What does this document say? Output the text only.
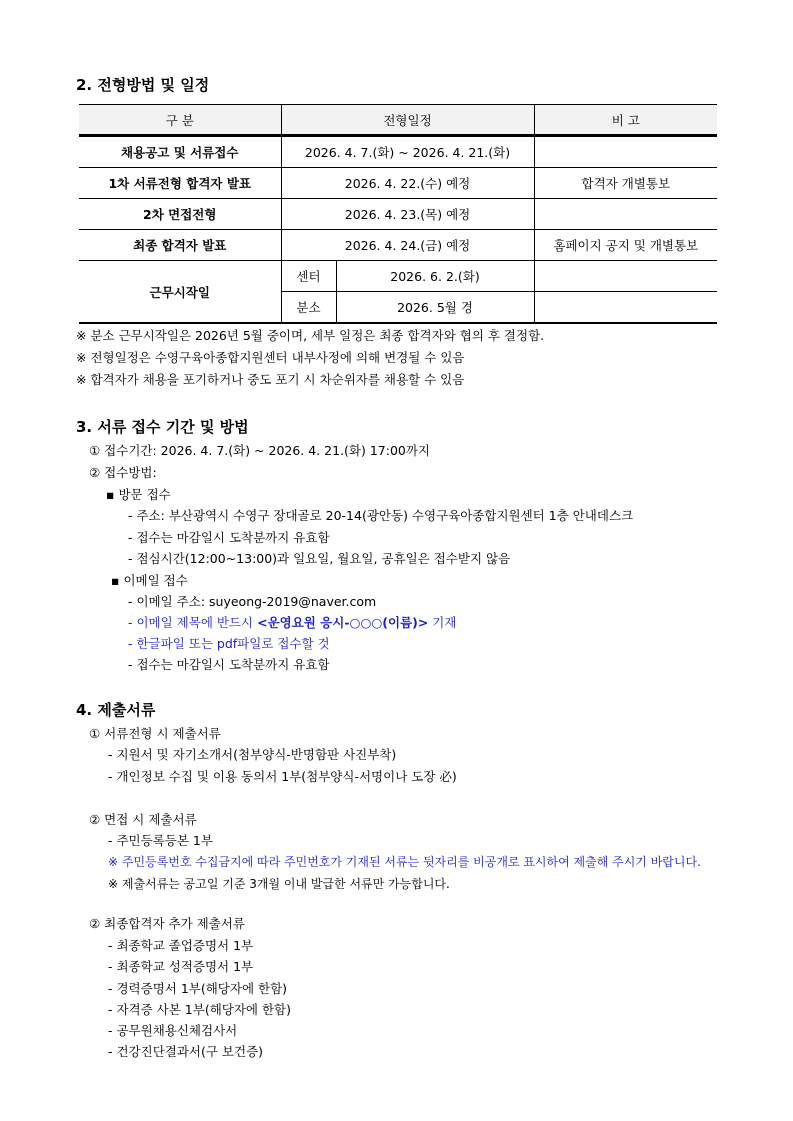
2. 전형방법 및 일정
구 분	전형일정		비 고
채용공고 및 서류접수	2026. 4. 7.(화) ~ 2026. 4. 21.(화)		
1차 서류전형 합격자 발표	2026. 4. 22.(수) 예정		합격자 개별통보
2차 면접전형	2026. 4. 23.(목) 예정		
최종 합격자 발표	2026. 4. 24.(금) 예정		홈페이지 공지 및 개별통보
근무시작일	센터	2026. 6. 2.(화)	
	분소	2026. 5월 경	
※ 분소 근무시작일은 2026년 5월 중이며, 세부 일정은 최종 합격자와 협의 후 결정함.
※ 전형일정은 수영구육아종합지원센터 내부사정에 의해 변경될 수 있음
※ 합격자가 채용을 포기하거나 중도 포기 시 차순위자를 채용할 수 있음
3. 서류 접수 기간 및 방법
① 접수기간: 2026. 4. 7.(화) ~ 2026. 4. 21.(화) 17:00까지
② 접수방법:
▪ 방문 접수
- 주소: 부산광역시 수영구 장대골로 20-14(광안동) 수영구육아종합지원센터 1층 안내데스크
- 접수는 마감일시 도착분까지 유효함
- 점심시간(12:00~13:00)과 일요일, 월요일, 공휴일은 접수받지 않음
▪ 이메일 접수
- 이메일 주소: suyeong-2019@naver.com
- 이메일 제목에 반드시 <운영요원 응시-○○○(이름)> 기재
- 한글파일 또는 pdf파일로 접수할 것
- 접수는 마감일시 도착분까지 유효함
4. 제출서류
① 서류전형 시 제출서류
- 지원서 및 자기소개서(첨부양식-반명함판 사진부착)
- 개인정보 수집 및 이용 동의서 1부(첨부양식-서명이나 도장 必)
② 면접 시 제출서류
- 주민등록등본 1부
※ 주민등록번호 수집금지에 따라 주민번호가 기재된 서류는 뒷자리를 비공개로 표시하여 제출해 주시기 바랍니다.
※ 제출서류는 공고일 기준 3개월 이내 발급한 서류만 가능합니다.
② 최종합격자 추가 제출서류
- 최종학교 졸업증명서 1부
- 최종학교 성적증명서 1부
- 경력증명서 1부(해당자에 한함)
- 자격증 사본 1부(해당자에 한함)
- 공무원채용신체검사서
- 건강진단결과서(구 보건증)
